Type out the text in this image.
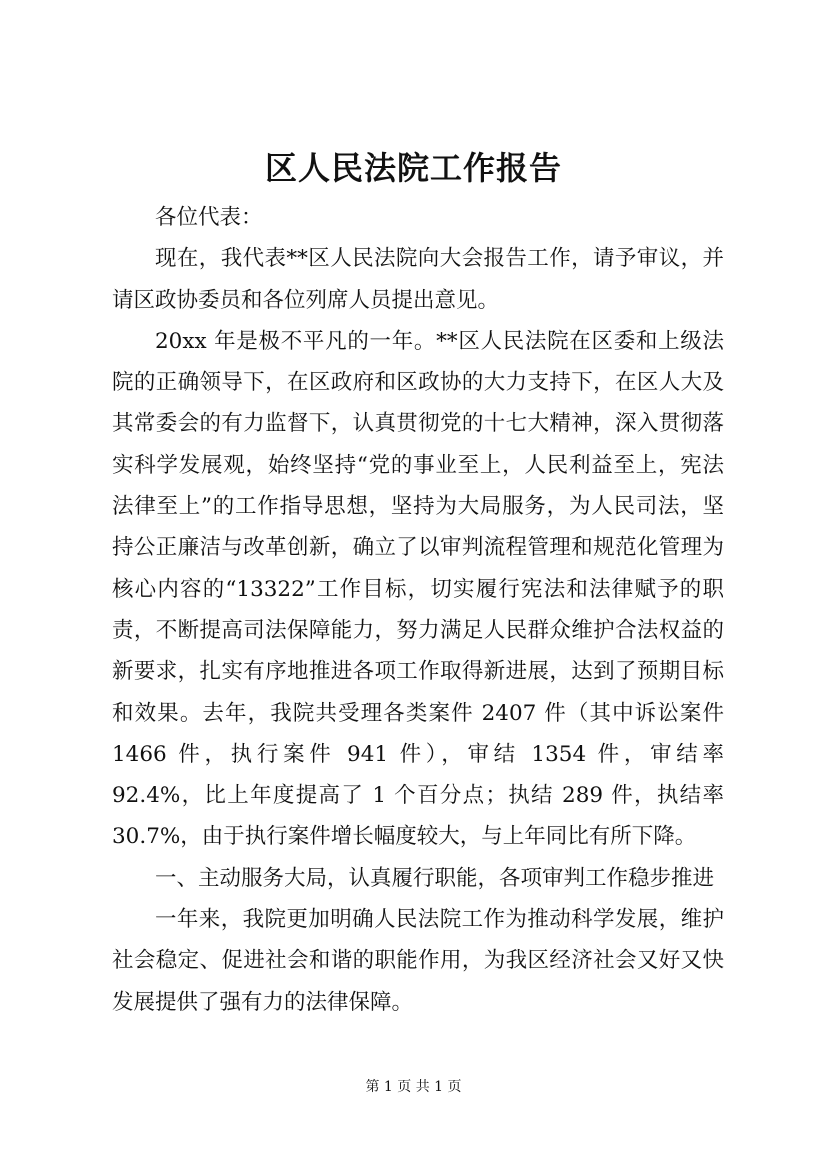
区人民法院工作报告

各位代表：

现在，我代表**区人民法院向大会报告工作，请予审议，并请区政协委员和各位列席人员提出意见。

20xx 年是极不平凡的一年。**区人民法院在区委和上级法院的正确领导下，在区政府和区政协的大力支持下，在区人大及其常委会的有力监督下，认真贯彻党的十七大精神，深入贯彻落实科学发展观，始终坚持“党的事业至上，人民利益至上，宪法法律至上”的工作指导思想，坚持为大局服务，为人民司法，坚持公正廉洁与改革创新，确立了以审判流程管理和规范化管理为核心内容的“13322”工作目标，切实履行宪法和法律赋予的职责，不断提高司法保障能力，努力满足人民群众维护合法权益的新要求，扎实有序地推进各项工作取得新进展，达到了预期目标和效果。去年，我院共受理各类案件 2407 件（其中诉讼案件 1466 件，执行案件 941 件），审结 1354 件，审结率 92.4%，比上年度提高了 1 个百分点；执结 289 件，执结率 30.7%，由于执行案件增长幅度较大，与上年同比有所下降。

一、主动服务大局，认真履行职能，各项审判工作稳步推进

一年来，我院更加明确人民法院工作为推动科学发展，维护社会稳定、促进社会和谐的职能作用，为我区经济社会又好又快发展提供了强有力的法律保障。

第 1 页 共 1 页
